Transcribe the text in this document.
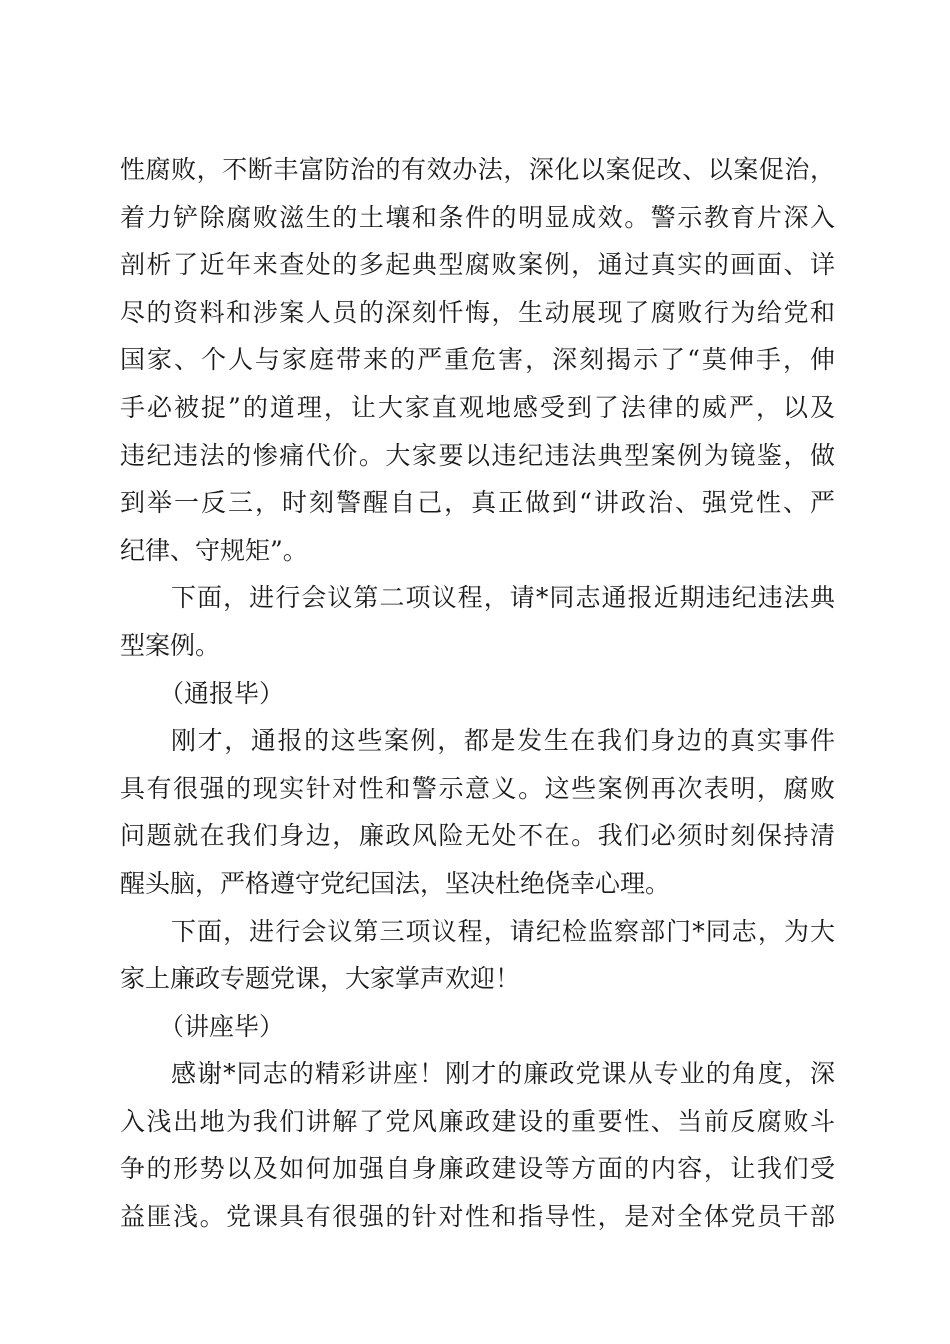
性腐败，不断丰富防治的有效办法，深化以案促改、以案促治，
着力铲除腐败滋生的土壤和条件的明显成效。警示教育片深入
剖析了近年来查处的多起典型腐败案例，通过真实的画面、详
尽的资料和涉案人员的深刻忏悔，生动展现了腐败行为给党和
国家、个人与家庭带来的严重危害，深刻揭示了“莫伸手，伸
手必被捉”的道理，让大家直观地感受到了法律的威严，以及
违纪违法的惨痛代价。大家要以违纪违法典型案例为镜鉴，做
到举一反三，时刻警醒自己，真正做到“讲政治、强党性、严
纪律、守规矩”。
下面，进行会议第二项议程，请*同志通报近期违纪违法典
型案例。
（通报毕）
刚才，通报的这些案例，都是发生在我们身边的真实事件
具有很强的现实针对性和警示意义。这些案例再次表明，腐败
问题就在我们身边，廉政风险无处不在。我们必须时刻保持清
醒头脑，严格遵守党纪国法，坚决杜绝侥幸心理。
下面，进行会议第三项议程，请纪检监察部门*同志，为大
家上廉政专题党课，大家掌声欢迎！
（讲座毕）
感谢*同志的精彩讲座！刚才的廉政党课从专业的角度，深
入浅出地为我们讲解了党风廉政建设的重要性、当前反腐败斗
争的形势以及如何加强自身廉政建设等方面的内容，让我们受
益匪浅。党课具有很强的针对性和指导性，是对全体党员干部
